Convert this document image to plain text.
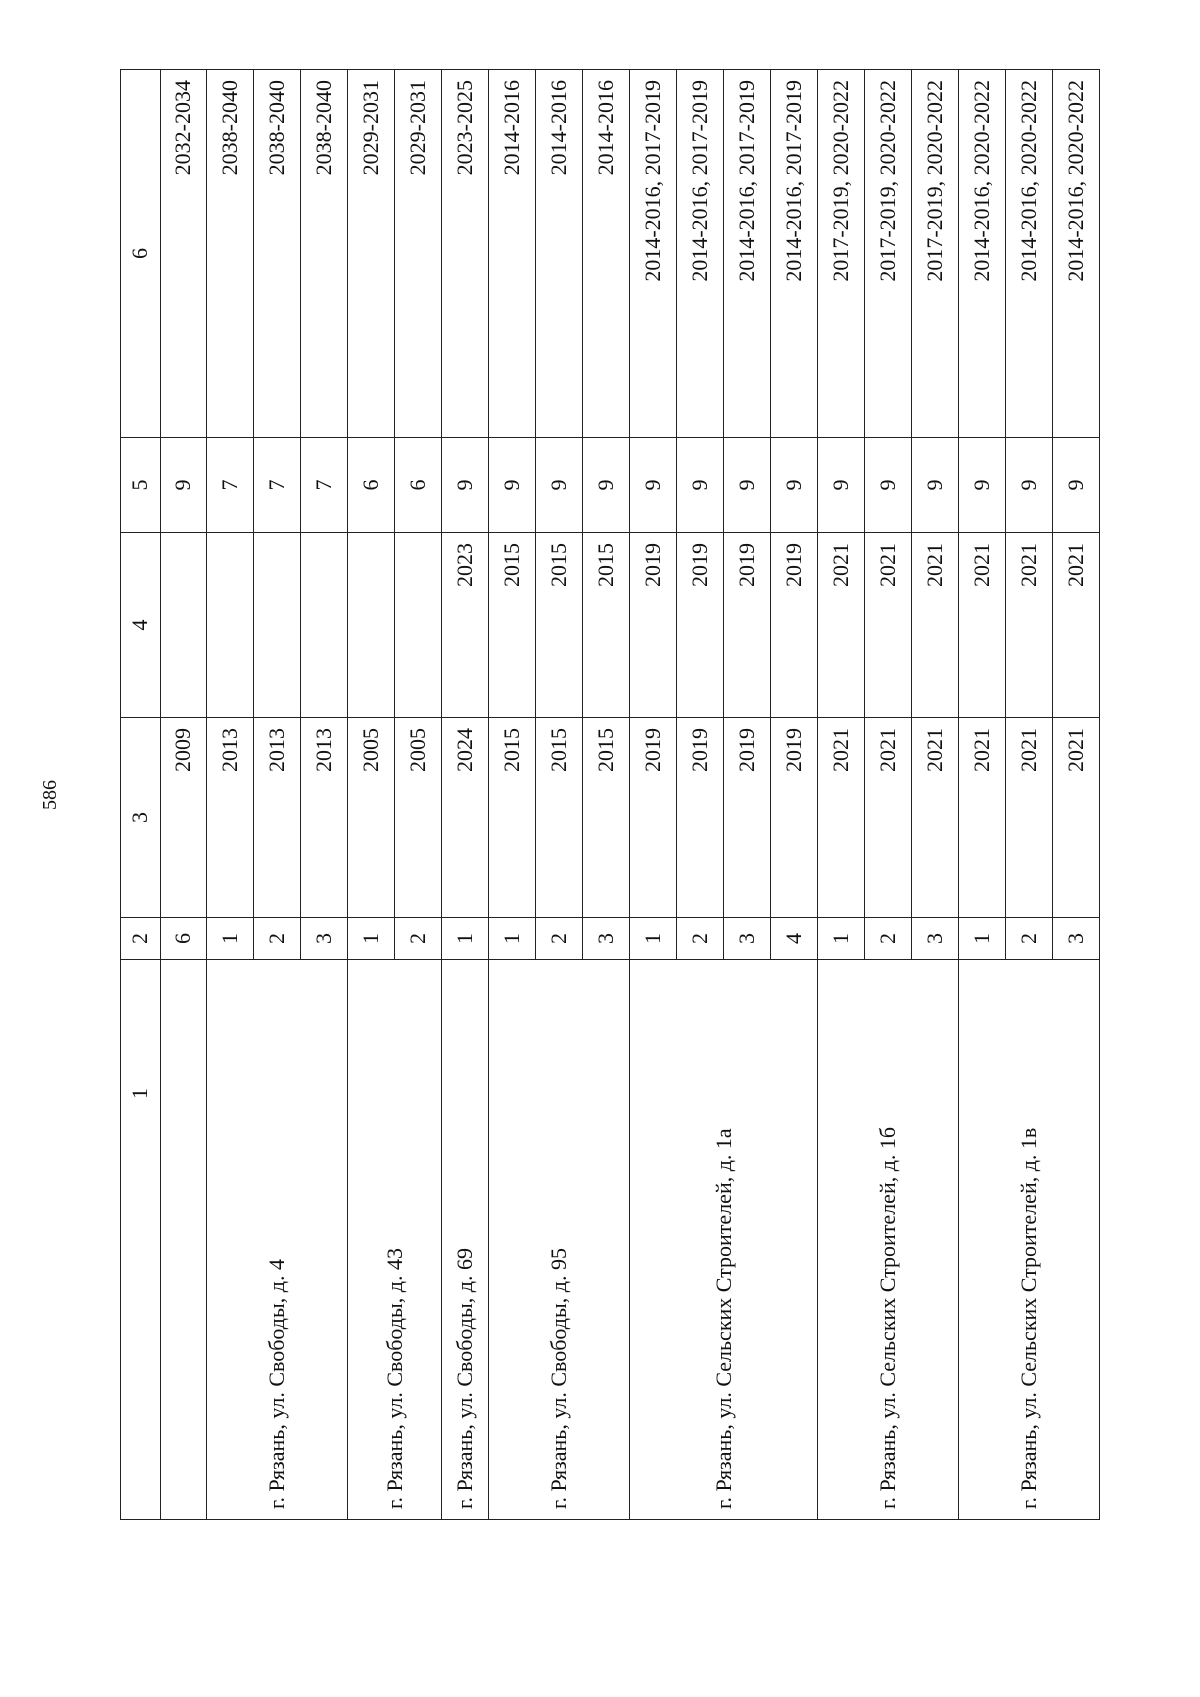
586
1	2	3	4	5	6
	6	2009		9	2032-2034
г. Рязань, ул. Свободы, д. 4	1	2013		7	2038-2040
	2	2013		7	2038-2040
	3	2013		7	2038-2040
г. Рязань, ул. Свободы, д. 43	1	2005		6	2029-2031
	2	2005		6	2029-2031
г. Рязань, ул. Свободы, д. 69	1	2024	2023	9	2023-2025
г. Рязань, ул. Свободы, д. 95	1	2015	2015	9	2014-2016
	2	2015	2015	9	2014-2016
	3	2015	2015	9	2014-2016
г. Рязань, ул. Сельских Строителей, д. 1а	1	2019	2019	9	2014-2016, 2017-2019
	2	2019	2019	9	2014-2016, 2017-2019
	3	2019	2019	9	2014-2016, 2017-2019
	4	2019	2019	9	2014-2016, 2017-2019
г. Рязань, ул. Сельских Строителей, д. 1б	1	2021	2021	9	2017-2019, 2020-2022
	2	2021	2021	9	2017-2019, 2020-2022
	3	2021	2021	9	2017-2019, 2020-2022
г. Рязань, ул. Сельских Строителей, д. 1в	1	2021	2021	9	2014-2016, 2020-2022
	2	2021	2021	9	2014-2016, 2020-2022
	3	2021	2021	9	2014-2016, 2020-2022
